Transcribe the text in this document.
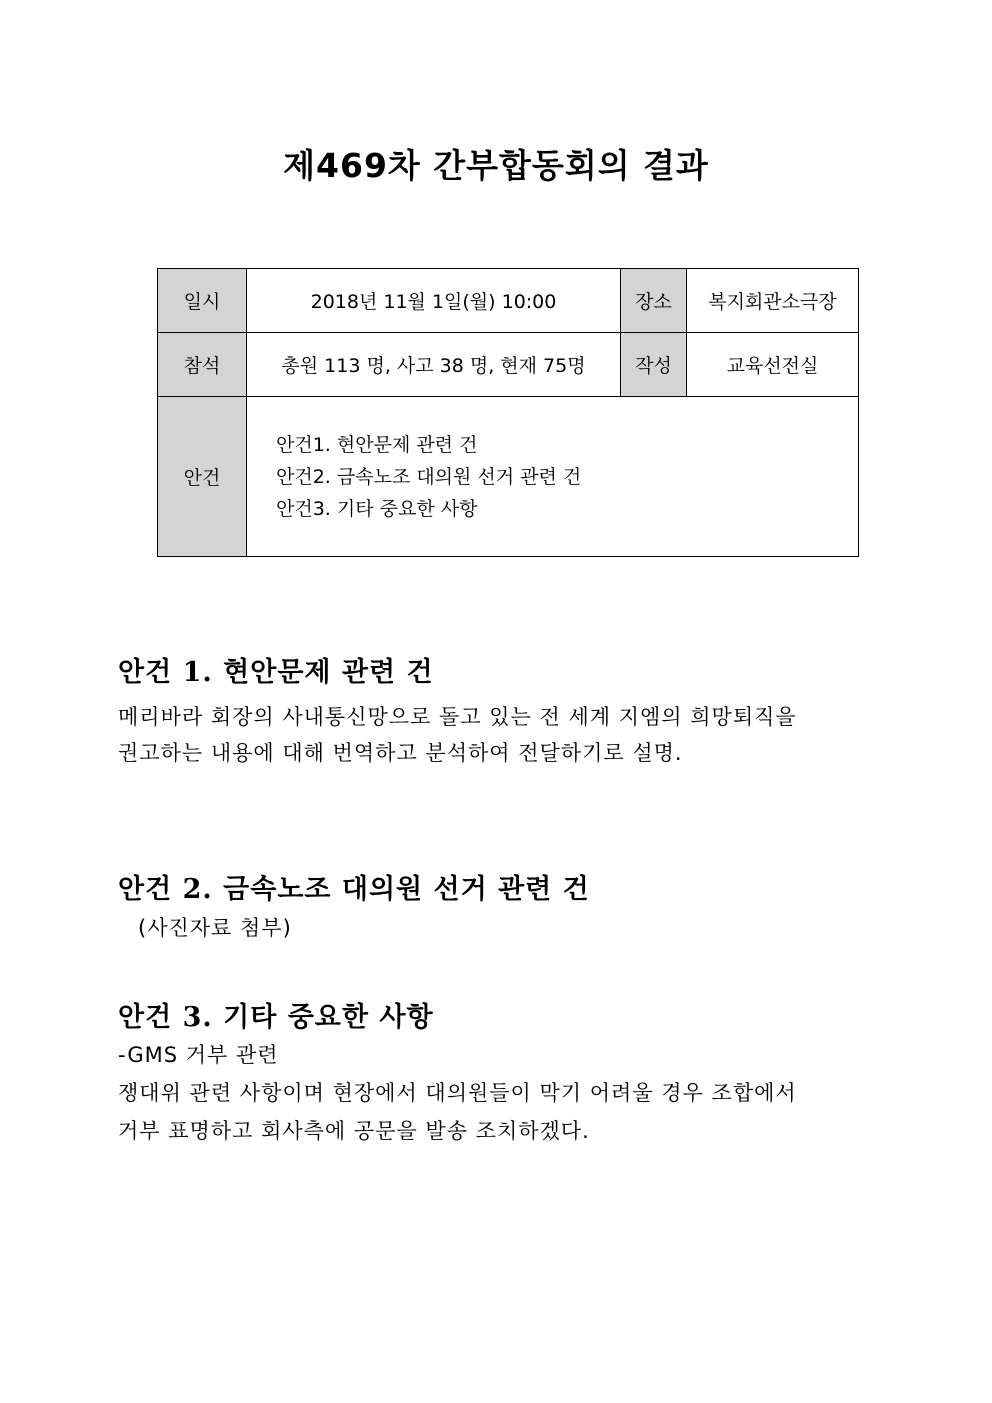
제469차 간부합동회의 결과
일시	2018년 11월 1일(월) 10:00	장소	복지회관소극장
참석	총원 113 명, 사고 38 명, 현재 75명	작성	교육선전실
안건	안건1. 현안문제 관련 건
안건2. 금속노조 대의원 선거 관련 건
안건3. 기타 중요한 사항		
안건 1. 현안문제 관련 건
메리바라 회장의 사내통신망으로 돌고 있는 전 세계 지엠의 희망퇴직을
권고하는 내용에 대해 번역하고 분석하여 전달하기로 설명.
안건 2. 금속노조 대의원 선거 관련 건
(사진자료 첨부)
안건 3. 기타 중요한 사항
-GMS 거부 관련
쟁대위 관련 사항이며 현장에서 대의원들이 막기 어려울 경우 조합에서
거부 표명하고 회사측에 공문을 발송 조치하겠다.
